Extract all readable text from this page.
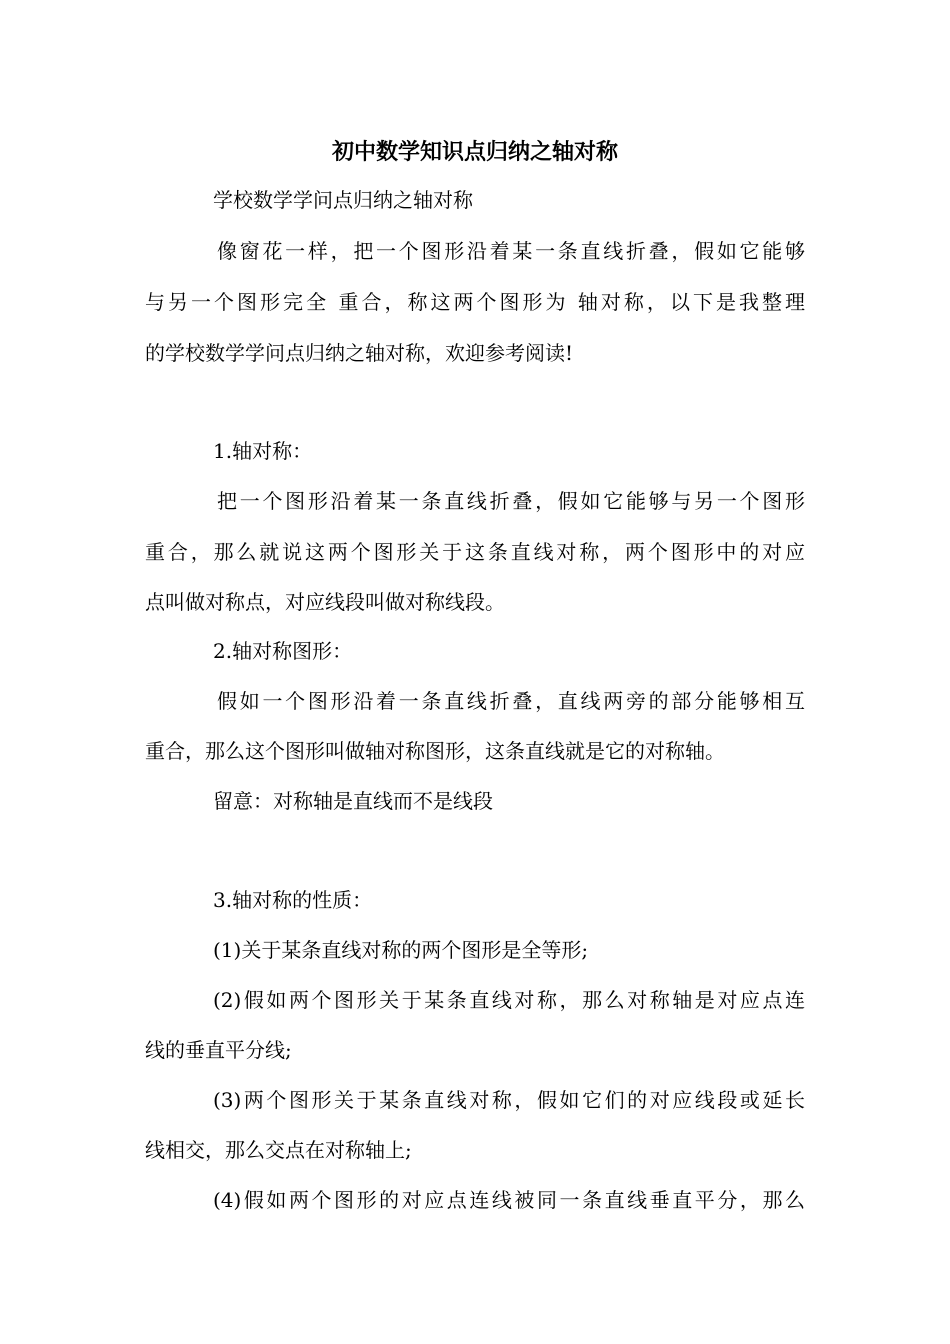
初中数学知识点归纳之轴对称

学校数学学问点归纳之轴对称

像窗花一样，把一个图形沿着某一条直线折叠，假如它能够

与另一个图形完全 重合，称这两个图形为 轴对称，以下是我整理

的学校数学学问点归纳之轴对称，欢迎参考阅读!

1.轴对称：

把一个图形沿着某一条直线折叠，假如它能够与另一个图形

重合，那么就说这两个图形关于这条直线对称，两个图形中的对应

点叫做对称点，对应线段叫做对称线段。

2.轴对称图形：

假如一个图形沿着一条直线折叠，直线两旁的部分能够相互

重合，那么这个图形叫做轴对称图形，这条直线就是它的对称轴。

留意：对称轴是直线而不是线段

3.轴对称的性质：

(1)关于某条直线对称的两个图形是全等形;

(2)假如两个图形关于某条直线对称，那么对称轴是对应点连

线的垂直平分线;

(3)两个图形关于某条直线对称，假如它们的对应线段或延长

线相交，那么交点在对称轴上;

(4)假如两个图形的对应点连线被同一条直线垂直平分，那么
